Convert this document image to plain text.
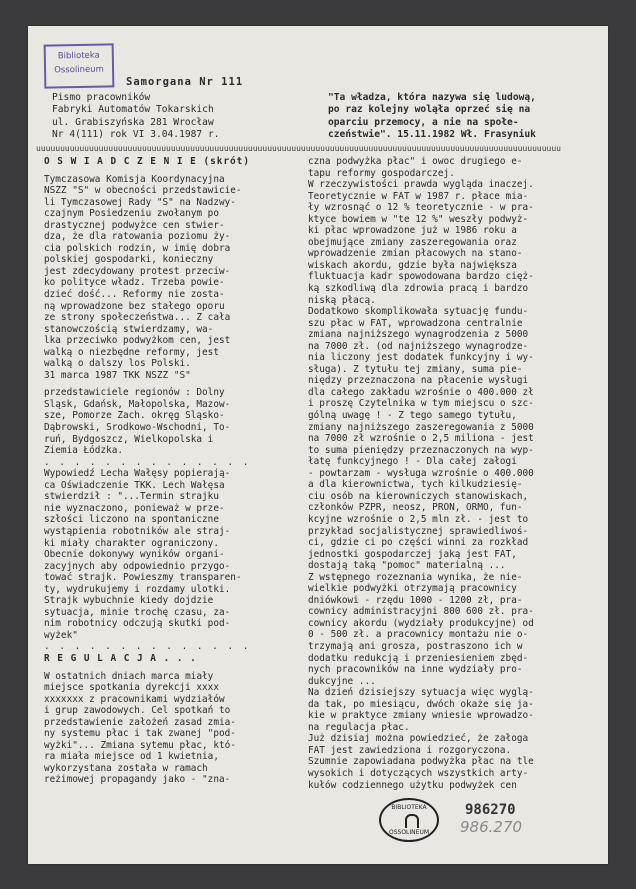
Biblioteka
Ossolineum
Samorgana Nr 111
Pismo pracowników
Fabryki Automatów Tokarskich
ul. Grabiszyńska 281 Wrocław
Nr 4(111) rok VI 3.04.1987 r.
"Ta władza, która nazywa się ludową,
po raz kolejny woląła oprzeć się na
oparciu przemocy, a nie na społe-
czeństwie". 15.11.1982 Wł. Frasyniuk
uuuuuuuuuuuuuuuuuuuuuuuuuuuuuuuuuuuuuuuuuuuuuuuuuuuuuuuuuuuuuuuuuuuuuuuuuuuuuuuuuuuuuuuuuuuuuuuuuuuuuuuuuuuuu
O Ś W I A D C Z E N I E (skrót)
Tymczasowa Komisja Koordynacyjna
NSZZ "S" w obecności przedstawicie-
li Tymczasowej Rady "S" na Nadzwy-
czajnym Posiedzeniu zwołanym po
drastycznej podwyżce cen stwier-
dza, że dla ratowania poziomu ży-
cia polskich rodzin, w imię dobra
polskiej gospodarki, konieczny
jest zdecydowany protest przeciw-
ko polityce władz. Trzeba powie-
dzieć dość... Reformy nie zosta-
ną wprowadzone bez stałego oporu
ze strony społeczeństwa... Z cała
stanowczością stwierdzamy, wa-
lka przeciwko podwyżkom cen, jest
walką o niezbędne reformy, jest
walką o dalszy los Polski.
31 marca 1987 TKK NSZZ "S"
przedstawiciele regionów : Dolny
Śląsk, Gdańsk, Małopolska, Mazow-
sze, Pomorze Zach. okręg Śląsko-
Dąbrowski, Środkowo-Wschodni, To-
ruń, Bydgoszcz, Wielkopolska i
Ziemia Łódzka.
. . . . . . . . . . . . . .
Wypowiedź Lecha Wałęsy popierają-
ca Oświadczenie TKK. Lech Wałęsa
stwierdził : "...Termin strajku
nie wyznaczono, ponieważ w prze-
szłości liczono na spontaniczne
wystąpienia robotników ale straj-
ki miały charakter ograniczony.
Obecnie dokonywy wyników organi-
zacyjnych aby odpowiednio przygo-
tować strajk. Powieszmy transparen-
ty, wydrukujemy i rozdamy ulotki.
Strajk wybuchnie kiedy dojdzie
sytuacja, minie trochę czasu, za-
nim robotnicy odczują skutki pod-
wyżek"
. . . . . . . . . . . . . .
R E G U L A C J A . . .
W ostatnich dniach marca miały
miejsce spotkania dyrekcji xxxx
xxxxxxx z pracownikami wydziałów
i grup zawodowych. Cel spotkań to
przedstawienie założeń zasad zmia-
ny systemu płac i tak zwanej "pod-
wyżki"... Zmiana sytemu płac, któ-
ra miała miejsce od 1 kwietnia,
wykorzystana została w ramach
reżimowej propagandy jako - "zna-
czna podwyżka płac" i owoc drugiego e-
tapu reformy gospodarczej.
W rzeczywistości prawda wygląda inaczej.
Teoretycznie w FAT w 1987 r. płace mia-
ły wzrosnąć o 12 % teoretycznie - w pra-
ktyce bowiem w "te 12 %" weszły podwyż-
ki płac wprowadzone już w 1986 roku a
obejmujące zmiany zaszeregowania oraz
wprowadzenie zmian płacowych na stano-
wiskach akordu, gdzie była największa
fluktuacja kadr spowodowana bardzo cięż-
ką szkodliwą dla zdrowia pracą i bardzo
niską płacą.
Dodatkowo skomplikowała sytuację fundu-
szu płac w FAT, wprowadzona centralnie
zmiana najniższego wynagrodzenia z 5000
na 7000 zł. (od najniższego wynagrodze-
nia liczony jest dodatek funkcyjny i wy-
sługa). Z tytułu tej zmiany, suma pie-
niędzy przeznaczona na płacenie wysługi
dla całego zakładu wzrośnie o 400.000 zł
i proszę Czytelnika w tym miejscu o szc-
gólną uwagę ! - Z tego samego tytułu,
zmiany najniższego zaszeregowania z 5000
na 7000 zł wzrośnie o 2,5 miliona - jest
to suma pieniędzy przeznaczonych na wyp-
łatę funkcyjnego ! - Dla całej załogi
- powtarzam - wysługa wzrośnie o 400.000
a dla kierownictwa, tych kilkudziesię-
ciu osób na kierowniczych stanowiskach,
członków PZPR, neosz, PRON, ORMO, fun-
kcyjne wzrośnie o 2,5 mln zł. - jest to
przykład socjalistycznej sprawiedliwoś-
ci, gdzie ci po części winni za rozkład
jednostki gospodarczej jaką jest FAT,
dostają taką "pomoc" materialną ...
Z wstępnego rozeznania wynika, że nie-
wielkie podwyżki otrzymają pracownicy
dniówkowi - rzędu 1000 - 1200 zł, pra-
cownicy administracyjni 800 600 zł. pra-
cownicy akordu (wydziały produkcyjne) od
0 - 500 zł. a pracownicy montażu nie o-
trzymają ani grosza, postraszono ich w
dodatku redukcją i przeniesieniem zbęd-
nych pracowników na inne wydziały pro-
dukcyjne ...
Na dzień dzisiejszy sytuacja więc wyglą-
da tak, po miesiącu, dwóch okaże się ja-
kie w praktyce zmiany wniesie wprowadzo-
na regulacja płac.
Już dzisiaj można powiedzieć, że załoga
FAT jest zawiedziona i rozgoryczona.
Szumnie zapowiadana podwyżka płac na tle
wysokich i dotyczących wszystkich arty-
kułów codziennego użytku podwyżek cen
BIBLIOTEKA
OSSOLINEUM
986270
986.270
